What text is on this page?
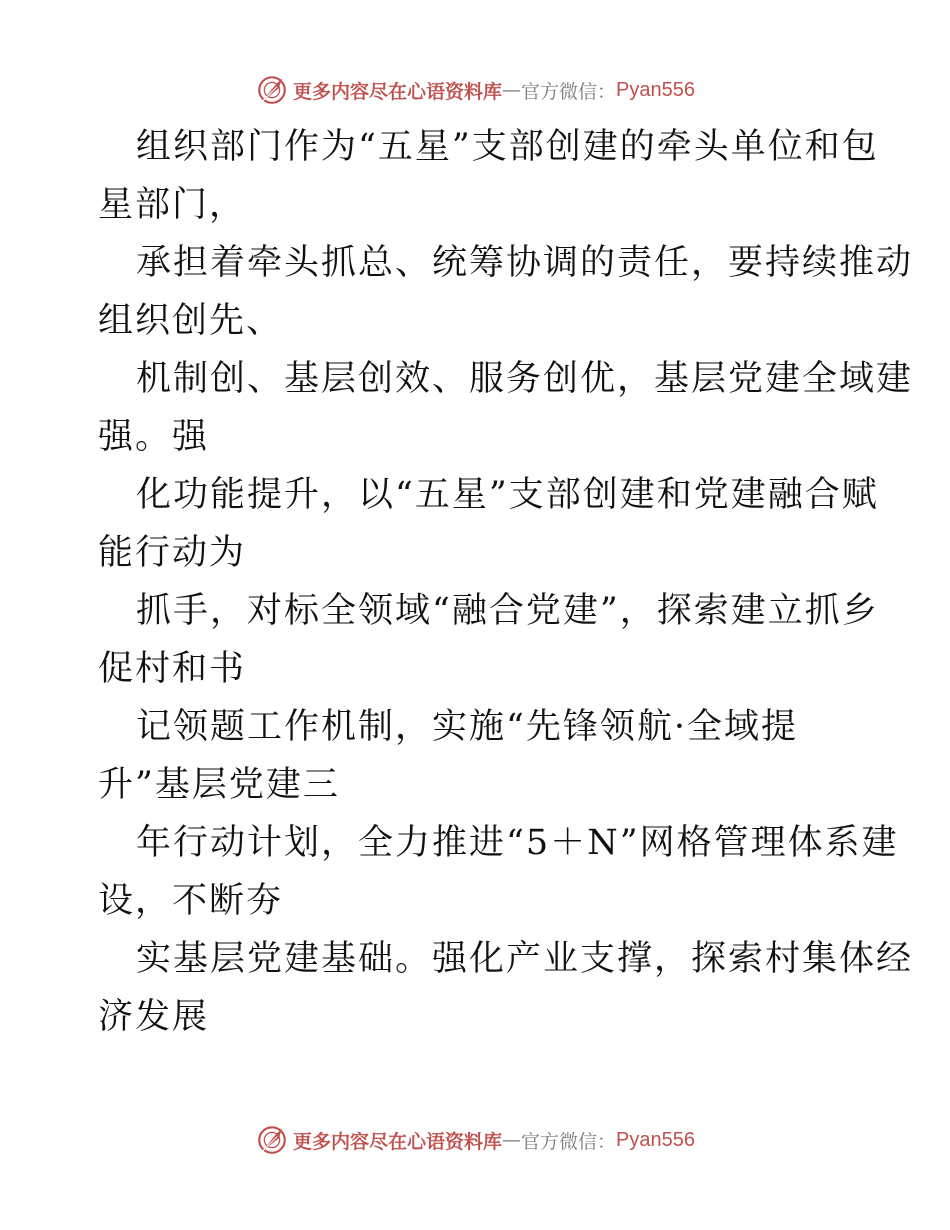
更多内容尽在心语资料库 — 官方微信： Pyan556
组织部门作为“五星”支部创建的牵头单位和包
星部门，
承担着牵头抓总、统筹协调的责任，要持续推动
组织创先、
机制创、基层创效、服务创优，基层党建全域建
强。强
化功能提升，以“五星”支部创建和党建融合赋
能行动为
抓手，对标全领域“融合党建”，探索建立抓乡
促村和书
记领题工作机制，实施“先锋领航·全域提
升”基层党建三
年行动计划，全力推进“5＋N”网格管理体系建
设，不断夯
实基层党建基础。强化产业支撑，探索村集体经
济发展
更多内容尽在心语资料库 — 官方微信： Pyan556
